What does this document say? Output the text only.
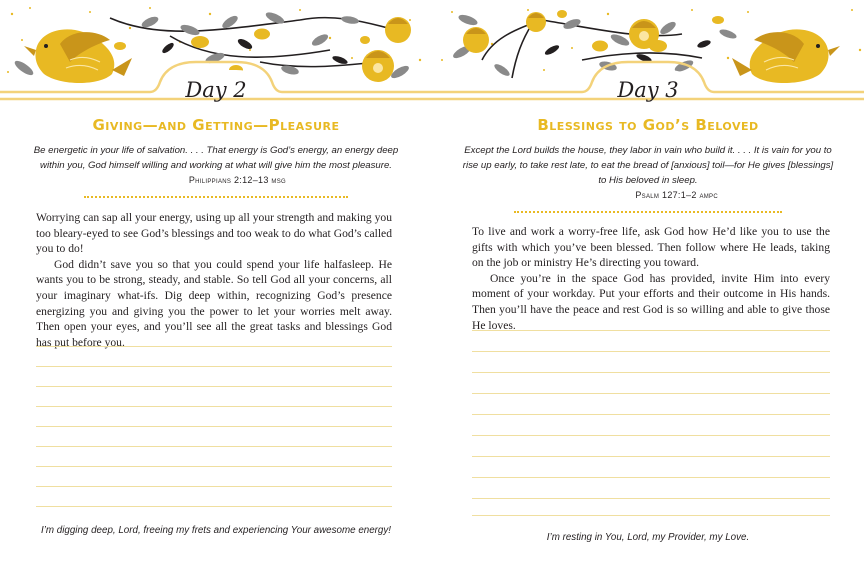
Day 2
Giving—and Getting—Pleasure
Be energetic in your life of salvation. . . . That energy is God’s energy, an energy deep within you, God himself willing and working at what will give him the most pleasure.
Philippians 2:12–13 msg

Worrying can sap all your energy, using up all your strength and making you too bleary-eyed to see God’s blessings and too weak to do what God’s called you to do!

God didn’t save you so that you could spend your life halfasleep. He wants you to be strong, steady, and stable. So tell God all your concerns, all your imaginary what-ifs. Dig deep within, recognizing God’s presence energizing you and giving you the power to let your worries melt away. Then open your eyes, and you’ll see all the great tasks and blessings God has put before you.

I’m digging deep, Lord, freeing my frets and experiencing Your awesome energy!
Day 3
Blessings to God’s Beloved
Except the Lord builds the house, they labor in vain who build it. . . . It is vain for you to rise up early, to take rest late, to eat the bread of [anxious] toil—for He gives [blessings] to His beloved in sleep.
Psalm 127:1–2 ampc

To live and work a worry-free life, ask God how He’d like you to use the gifts with which you’ve been blessed. Then follow where He leads, taking on the job or ministry He’s directing you toward.

Once you’re in the space God has provided, invite Him into every moment of your workday. Put your efforts and their outcome in His hands. Then you’ll have the peace and rest God is so willing and able to give those He loves.

I’m resting in You, Lord, my Provider, my Love.
